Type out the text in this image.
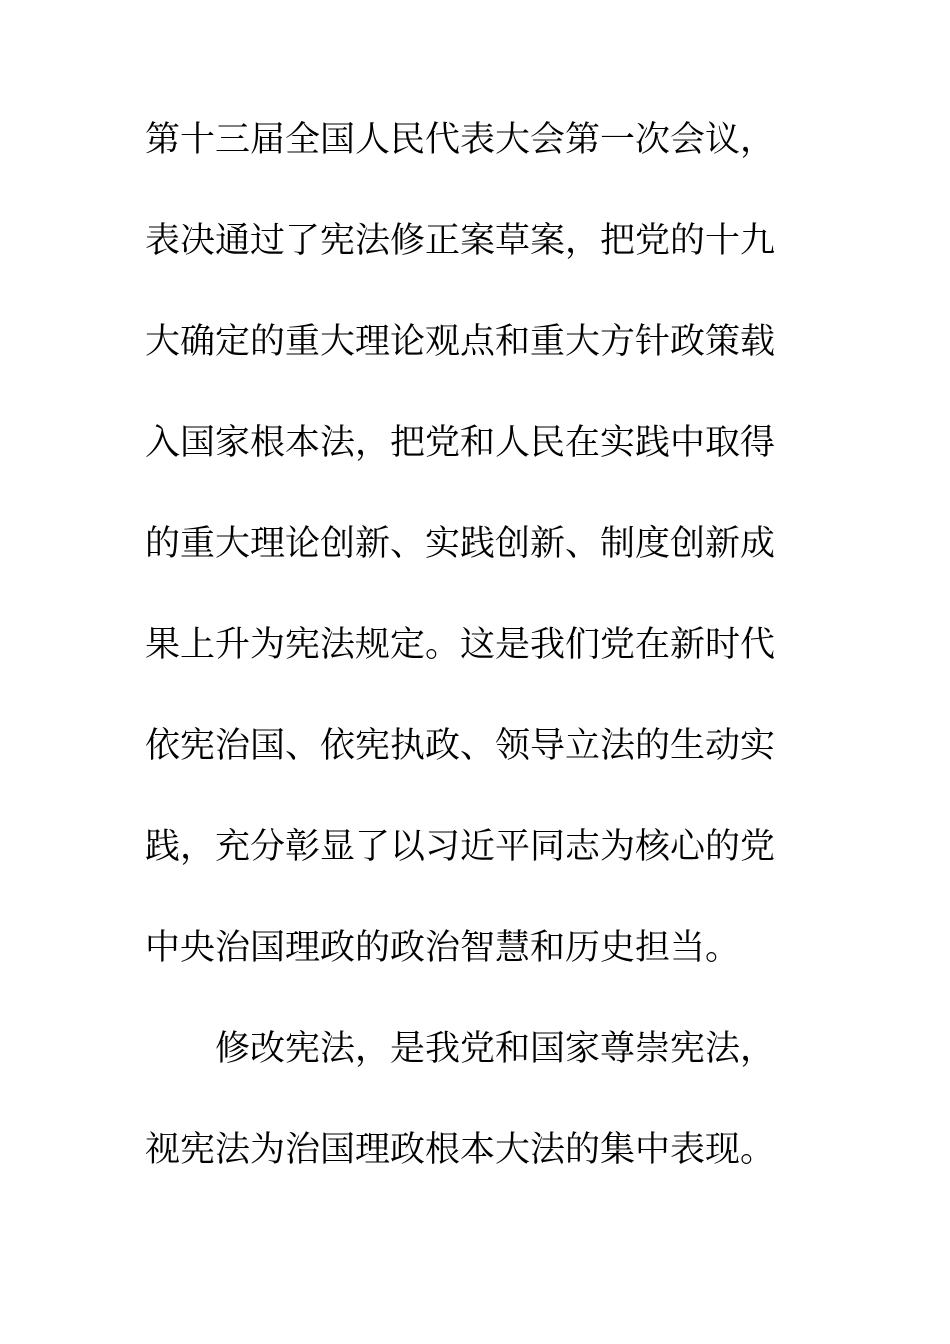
第十三届全国人民代表大会第一次会议，
表决通过了宪法修正案草案，把党的十九
大确定的重大理论观点和重大方针政策载
入国家根本法，把党和人民在实践中取得
的重大理论创新、实践创新、制度创新成
果上升为宪法规定。这是我们党在新时代
依宪治国、依宪执政、领导立法的生动实
践，充分彰显了以习近平同志为核心的党
中央治国理政的政治智慧和历史担当。
修改宪法，是我党和国家尊崇宪法，
视宪法为治国理政根本大法的集中表现。
